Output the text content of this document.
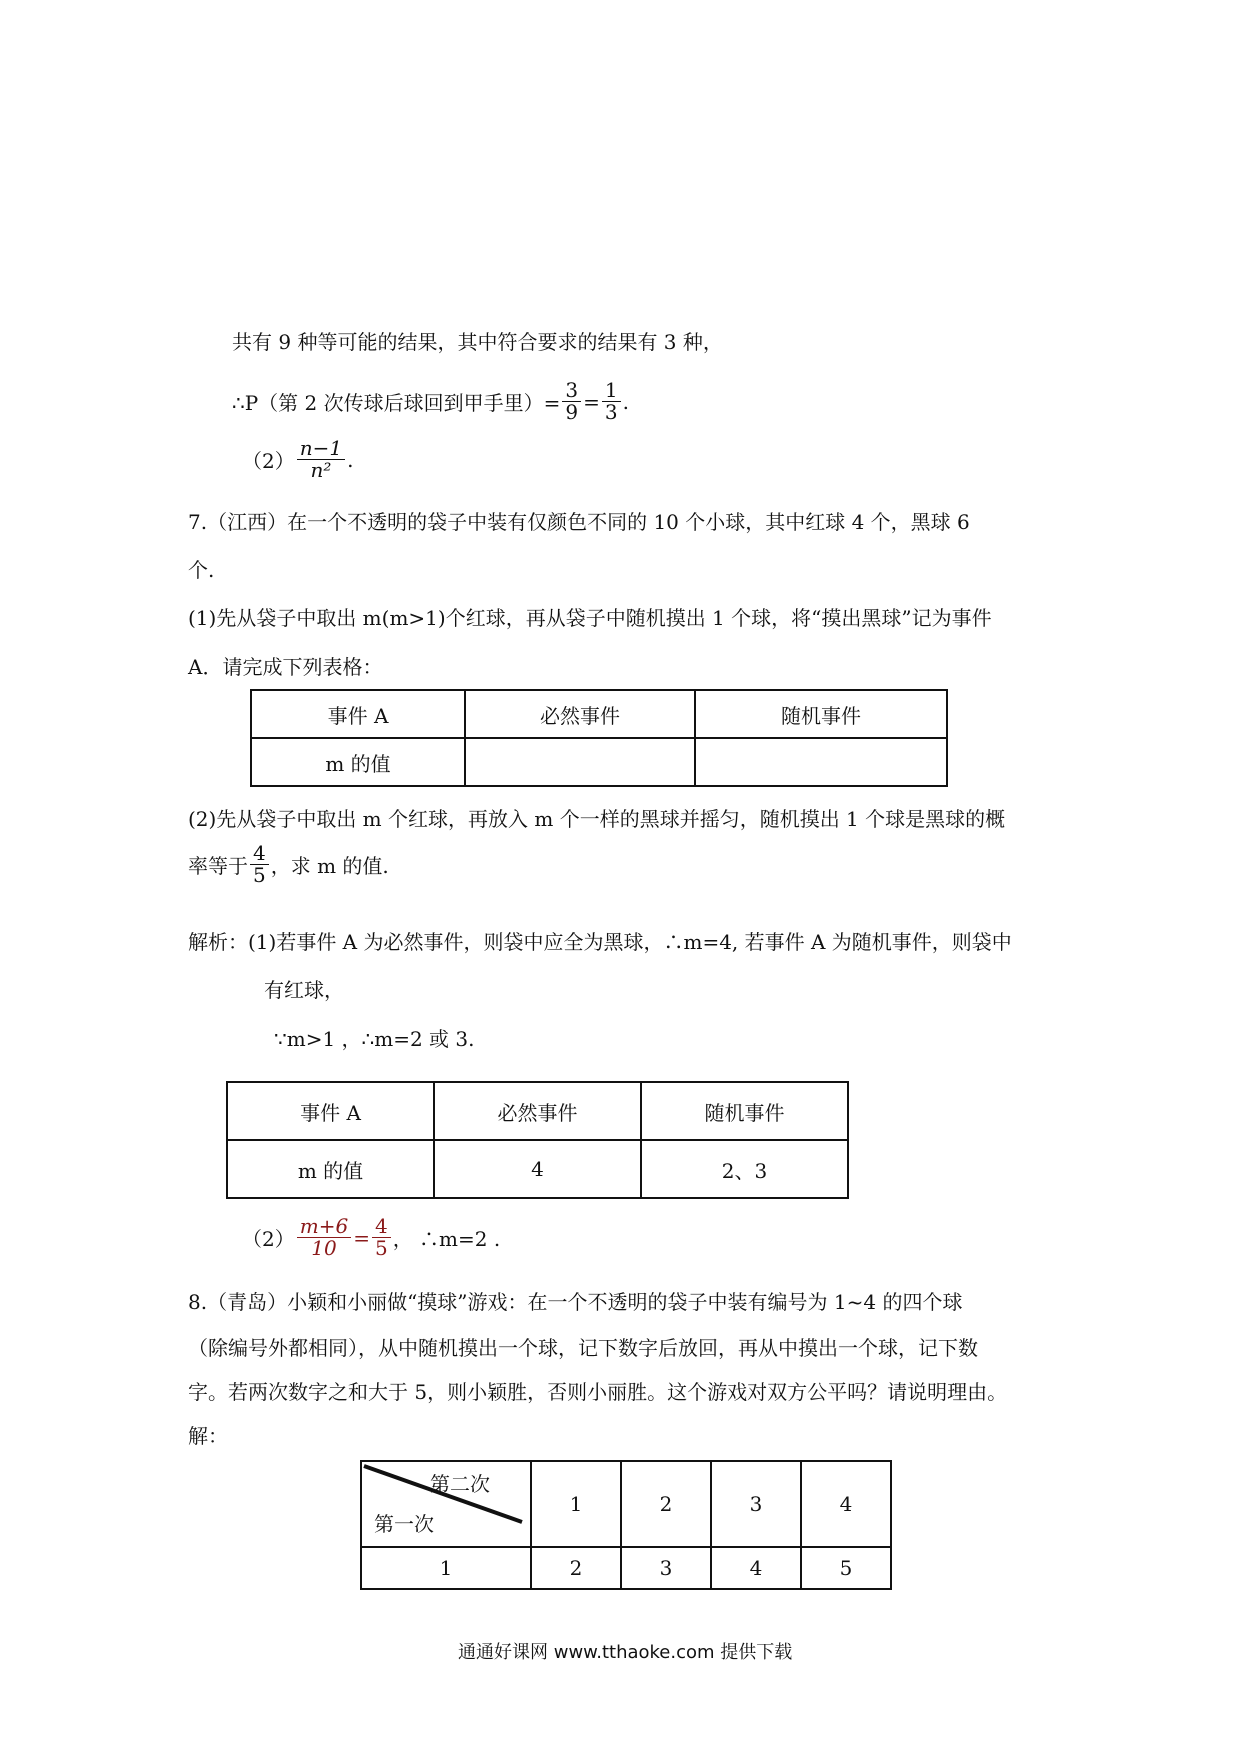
共有 9 种等可能的结果，其中符合要求的结果有 3 种，
∴P（第 2 次传球后球回到甲手里）= $\frac{3}{9} = \frac{1}{3}$ .
$(2) \frac{n-1}{\text{n²}}$ .
7.（江西）在一个不透明的袋子中装有仅颜色不同的 10 个小球，其中红球 4 个，黑球 6
个.
(1)先从袋子中取出 m(m>1)个红球，再从袋子中随机摸出 1 个球，将“摸出黑球”记为事件
A．请完成下列表格：
事件 A	必然事件	随机事件
m 的值		
(2)先从袋子中取出 m 个红球，再放入 m 个一样的黑球并摇匀，随机摸出 1 个球是黑球的概
率等于 $\frac{4}{5}$ ，求 m 的值.
解析：(1)若事件 A 为必然事件，则袋中应全为黑球，∴m=4, 若事件 A 为随机事件，则袋中
有红球，
∵m>1 ，∴m=2 或 3.
事件 A	必然事件	随机事件
m 的值	4	2、3
$(2) \frac{m+6}{10} = \frac{4}{5}$ ， ∴m=2 .
8.（青岛）小颖和小丽做“摸球”游戏：在一个不透明的袋子中装有编号为 1~4 的四个球
（除编号外都相同），从中随机摸出一个球，记下数字后放回，再从中摸出一个球，记下数
字。若两次数字之和大于 5，则小颖胜，否则小丽胜。这个游戏对双方公平吗？请说明理由。
解：
第二次
第一次	1	2	3	4
1	2	3	4	5
通通好课网 www.tthaoke.com 提供下载
